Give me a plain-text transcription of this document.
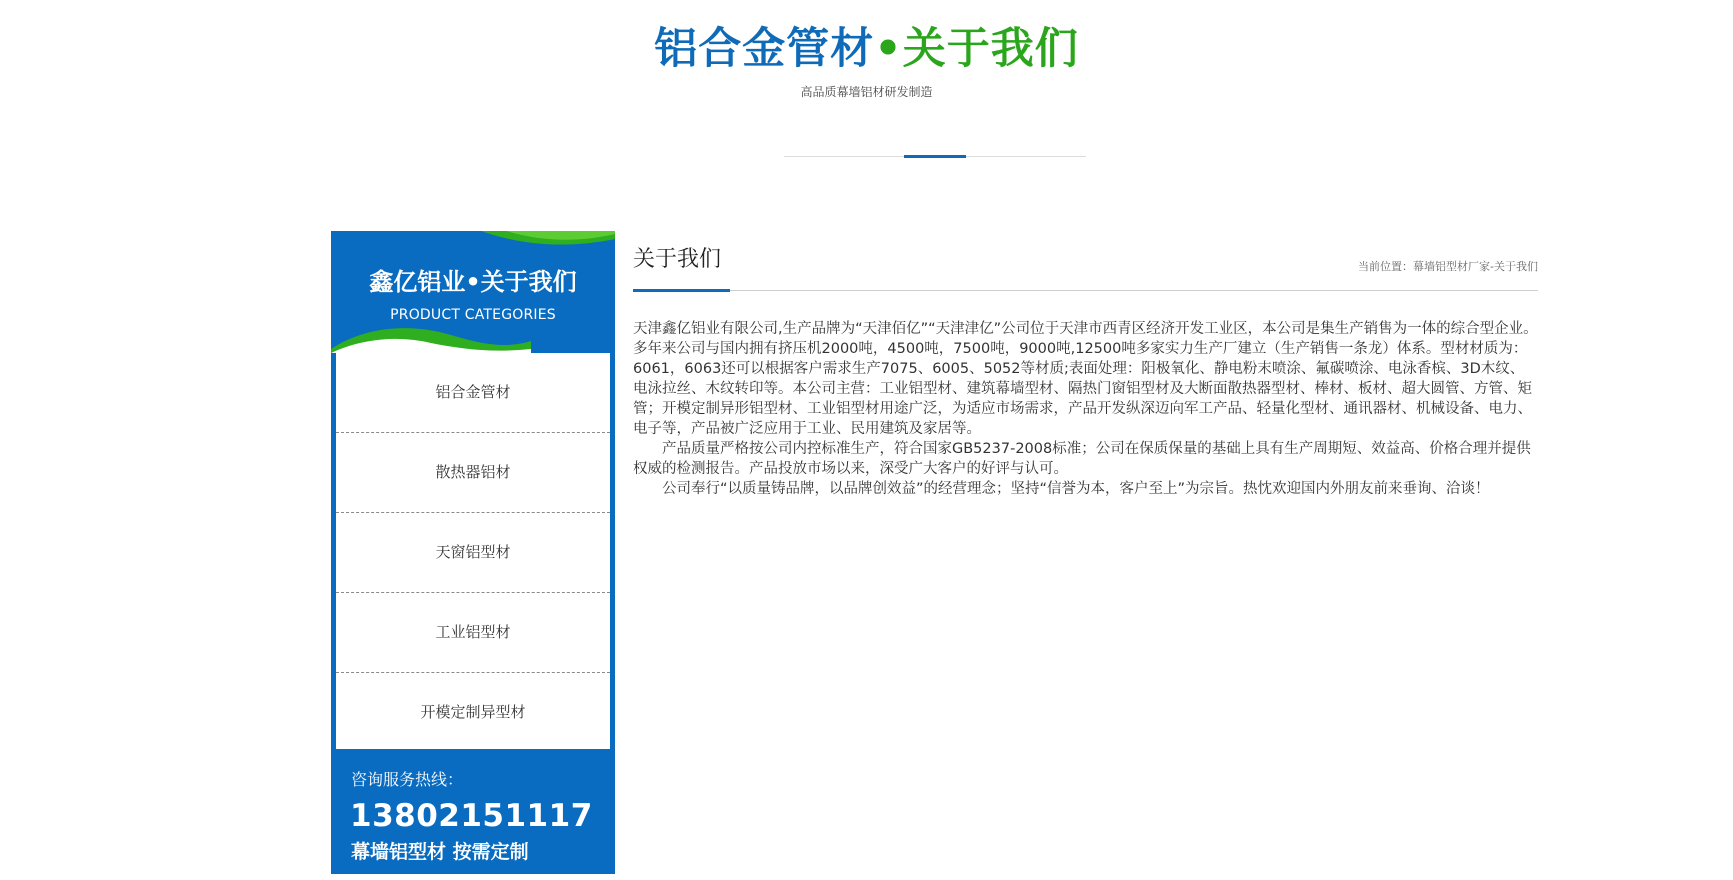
铝合金管材•关于我们
高品质幕墙铝材研发制造
鑫亿铝业•关于我们
PRODUCT CATEGORIES
铝合金管材
散热器铝材
天窗铝型材
工业铝型材
开模定制异型材
咨询服务热线：
13802151117
幕墙铝型材 按需定制
关于我们	当前位置：幕墙铝型材厂家-关于我们

天津鑫亿铝业有限公司,生产品牌为“天津佰亿”“天津津亿”公司位于天津市西青区经济开发工业区，本公司是集生产销售为一体的综合型企业。多年来公司与国内拥有挤压机2000吨，4500吨，7500吨，9000吨,12500吨多家实力生产厂建立（生产销售一条龙）体系。型材材质为：6061，6063还可以根据客户需求生产7075、6005、5052等材质;表面处理：阳极氧化、静电粉末喷涂、氟碳喷涂、电泳香槟、3D木纹、电泳拉丝、木纹转印等。本公司主营：工业铝型材、建筑幕墙型材、隔热门窗铝型材及大断面散热器型材、棒材、板材、超大圆管、方管、矩管；开模定制异形铝型材、工业铝型材用途广泛，为适应市场需求，产品开发纵深迈向军工产品、轻量化型材、通讯器材、机械设备、电力、电子等，产品被广泛应用于工业、民用建筑及家居等。

产品质量严格按公司内控标准生产，符合国家GB5237-2008标准；公司在保质保量的基础上具有生产周期短、效益高、价格合理并提供权威的检测报告。产品投放市场以来，深受广大客户的好评与认可。

公司奉行“以质量铸品牌，以品牌创效益”的经营理念；坚持“信誉为本，客户至上”为宗旨。热忱欢迎国内外朋友前来垂询、洽谈！
